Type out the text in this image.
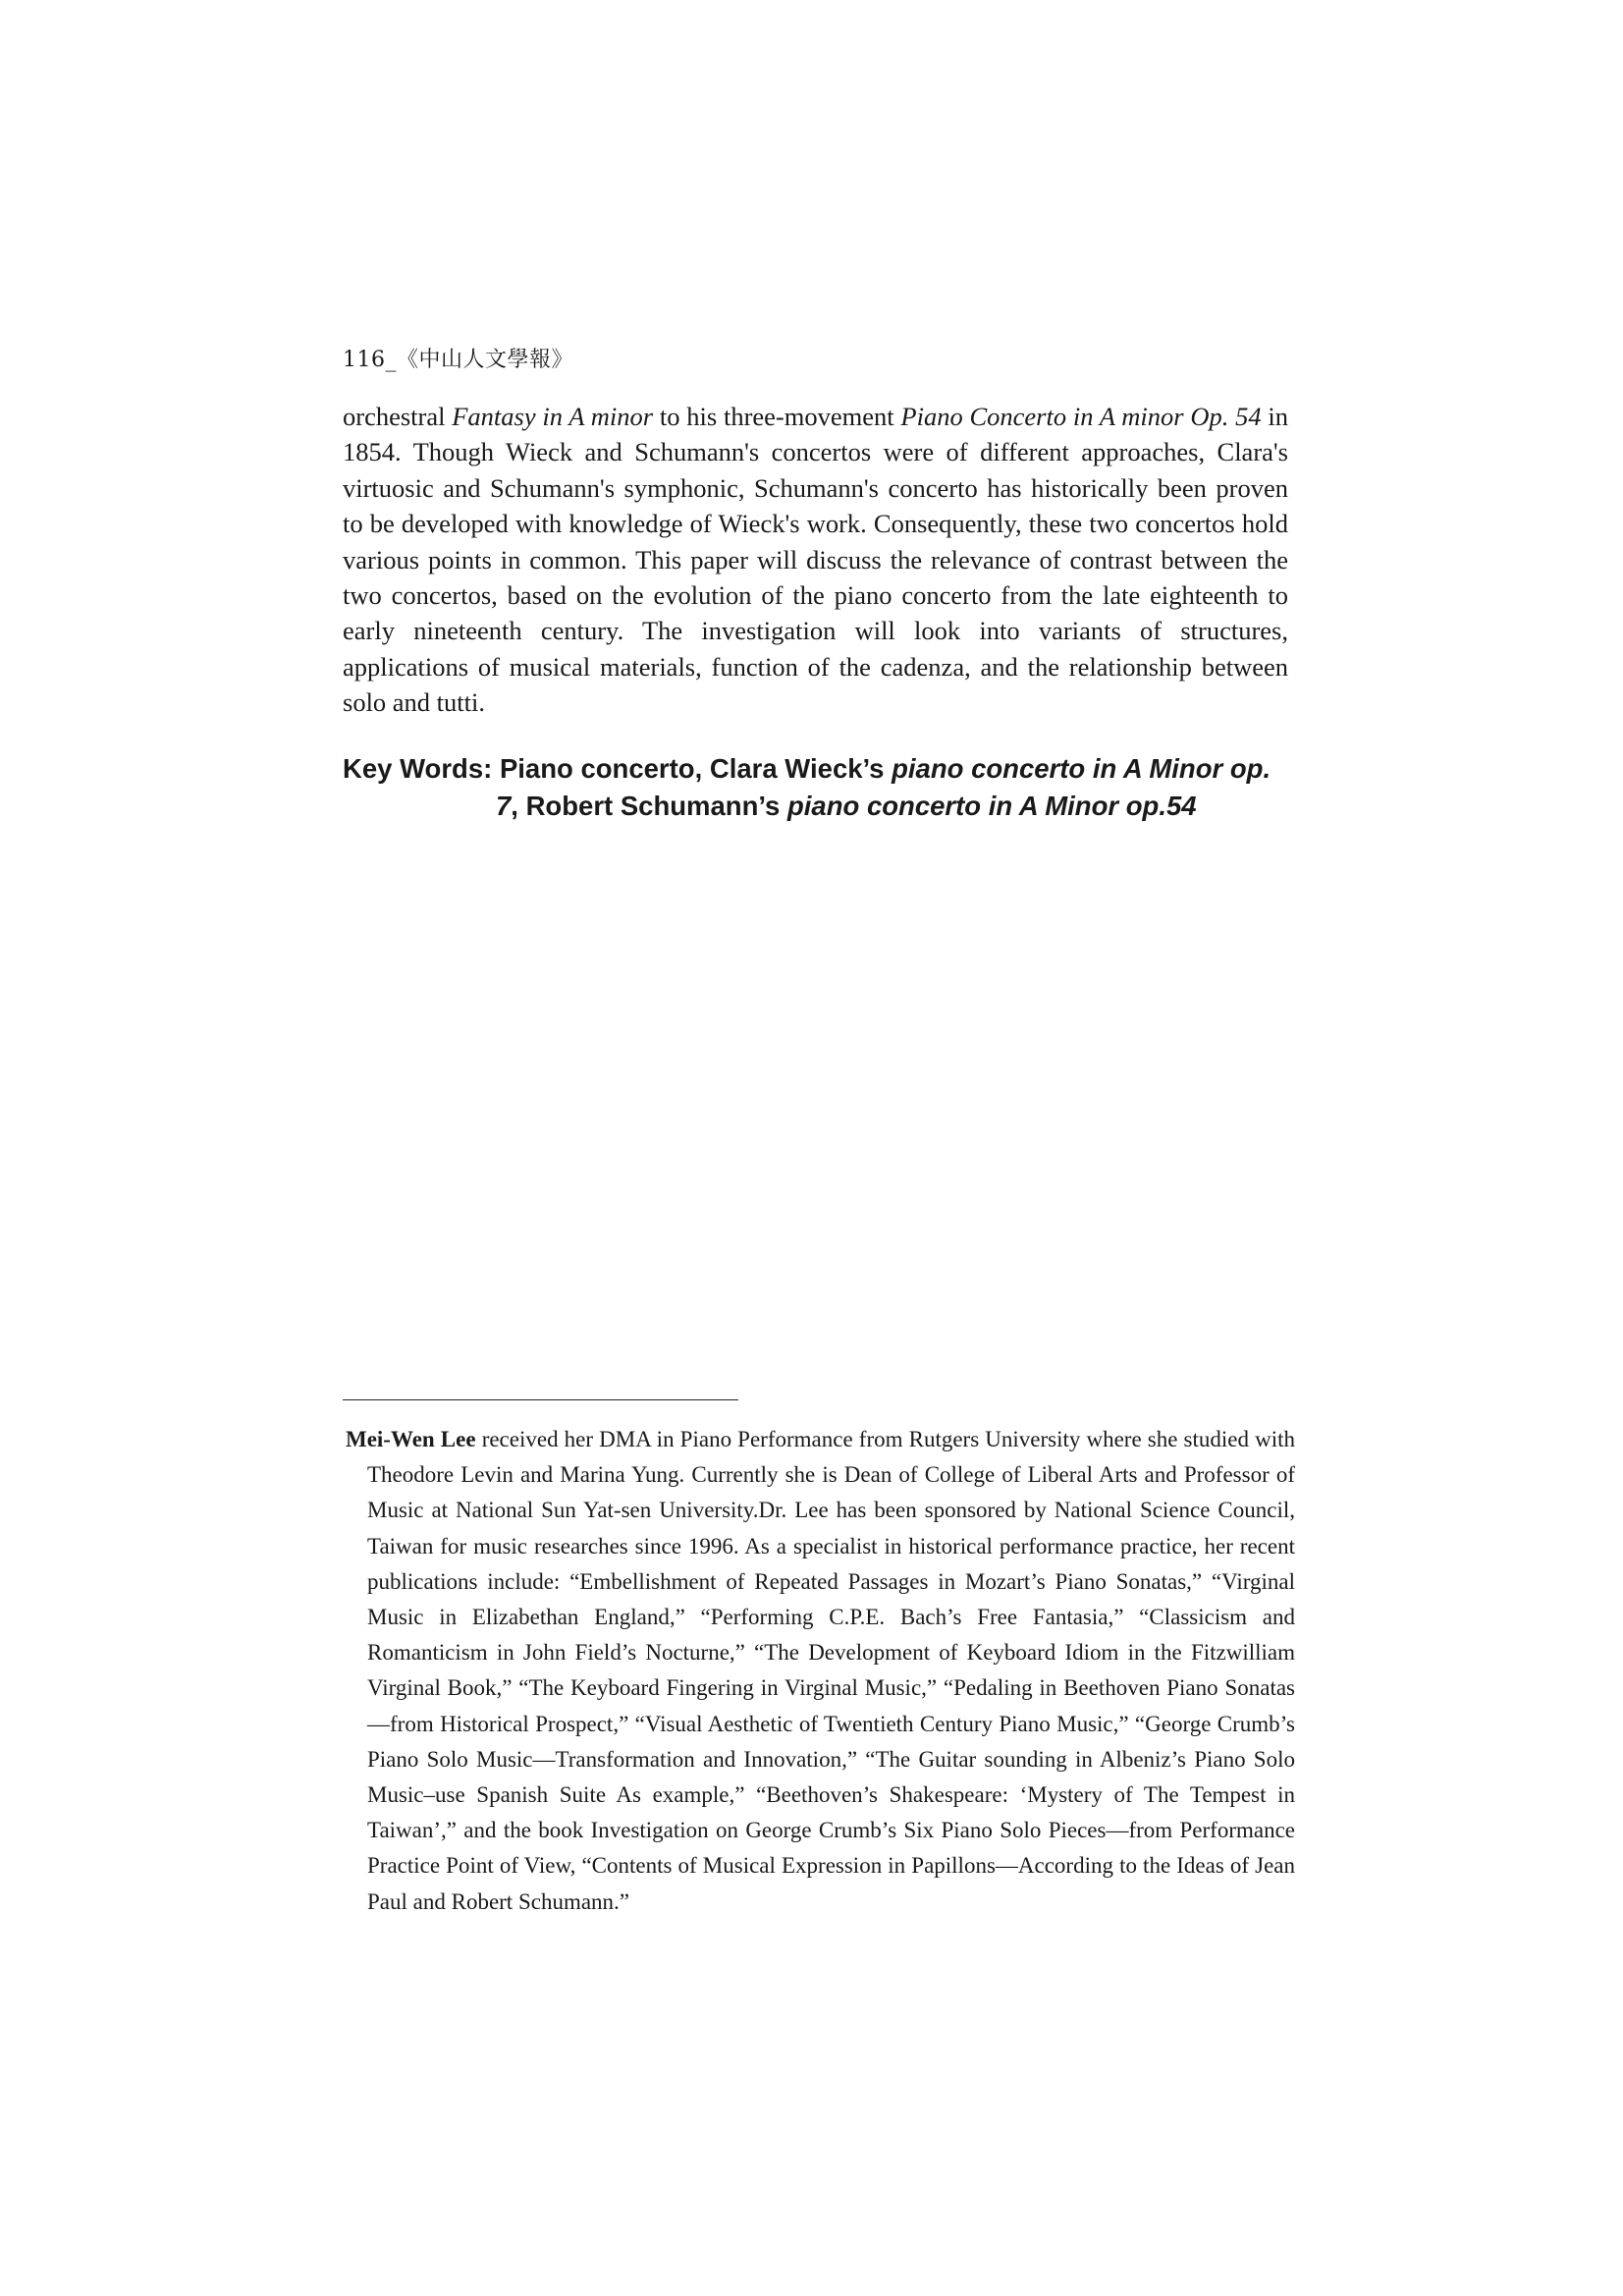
116_《中山人文學報》

orchestral Fantasy in A minor to his three-movement Piano Concerto in A minor Op. 54 in 1854. Though Wieck and Schumann's concertos were of different approaches, Clara's virtuosic and Schumann's symphonic, Schumann's concerto has historically been proven to be developed with knowledge of Wieck's work. Consequently, these two concertos hold various points in common. This paper will discuss the relevance of contrast between the two concertos, based on the evolution of the piano concerto from the late eighteenth to early nineteenth century. The investigation will look into variants of structures, applications of musical materials, function of the cadenza, and the relationship between solo and tutti.

Key Words: Piano concerto, Clara Wieck’s piano concerto in A Minor op. 7, Robert Schumann’s piano concerto in A Minor op.54

Mei-Wen Lee received her DMA in Piano Performance from Rutgers University where she studied with Theodore Levin and Marina Yung. Currently she is Dean of College of Liberal Arts and Professor of Music at National Sun Yat-sen University.Dr. Lee has been sponsored by National Science Council, Taiwan for music researches since 1996. As a specialist in historical performance practice, her recent publications include: “Embellishment of Repeated Passages in Mozart’s Piano Sonatas,” “Virginal Music in Elizabethan England,” “Performing C.P.E. Bach’s Free Fantasia,” “Classicism and Romanticism in John Field’s Nocturne,” “The Development of Keyboard Idiom in the Fitzwilliam Virginal Book,” “The Keyboard Fingering in Virginal Music,” “Pedaling in Beethoven Piano Sonatas—from Historical Prospect,” “Visual Aesthetic of Twentieth Century Piano Music,” “George Crumb’s Piano Solo Music—Transformation and Innovation,” “The Guitar sounding in Albeniz’s Piano Solo Music–use Spanish Suite As example,” “Beethoven’s Shakespeare: ‘Mystery of The Tempest in Taiwan’,” and the book Investigation on George Crumb’s Six Piano Solo Pieces—from Performance Practice Point of View, “Contents of Musical Expression in Papillons—According to the Ideas of Jean Paul and Robert Schumann.”
